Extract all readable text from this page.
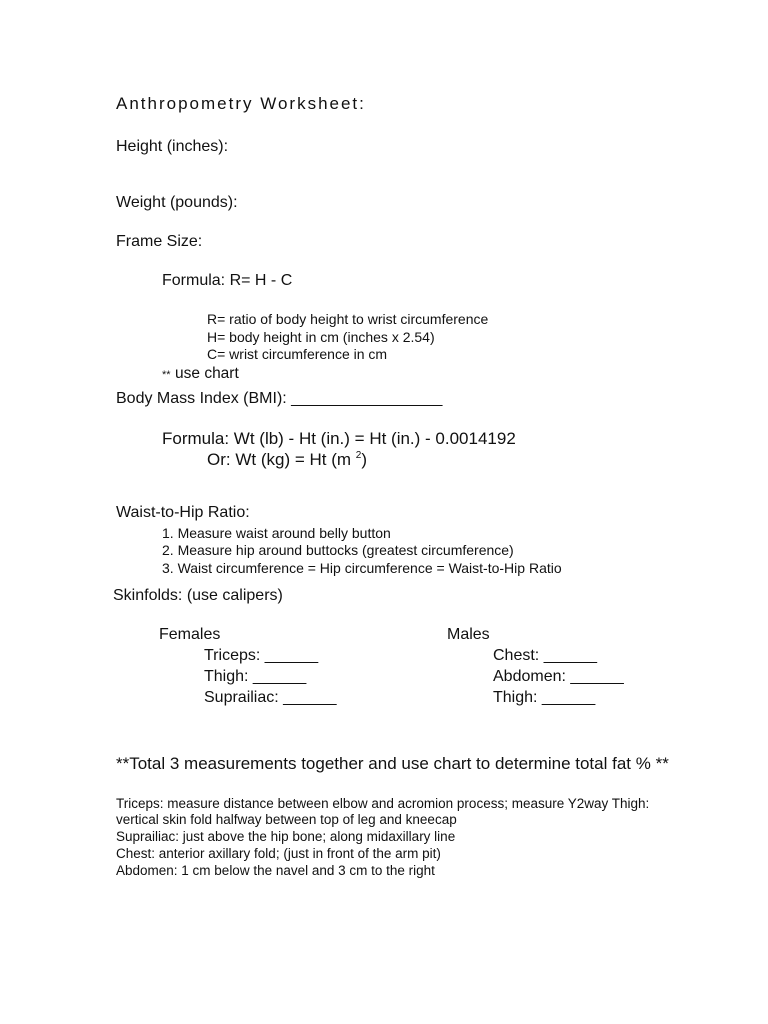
Anthropometry Worksheet:
Height (inches):
Weight (pounds):
Frame Size:
Formula: R= H - C
R= ratio of body height to wrist circumference
H= body height in cm (inches x 2.54)
C= wrist circumference in cm
** use chart
Body Mass Index (BMI): _________________
Formula: Wt (lb) - Ht (in.) = Ht (in.) - 0.0014192
Or: Wt (kg) = Ht (m $^2$)
Waist-to-Hip Ratio:
1. Measure waist around belly button
2. Measure hip around buttocks (greatest circumference)
3. Waist circumference = Hip circumference = Waist-to-Hip Ratio
Skinfolds: (use calipers)
Females
Triceps: ______
Thigh: ______
Suprailiac: ______
Males
Chest: ______
Abdomen: ______
Thigh: ______
**Total 3 measurements together and use chart to determine total fat % **
Triceps: measure distance between elbow and acromion process; measure Y2way Thigh:
vertical skin fold halfway between top of leg and kneecap
Suprailiac: just above the hip bone; along midaxillary line
Chest: anterior axillary fold; (just in front of the arm pit)
Abdomen: 1 cm below the navel and 3 cm to the right
